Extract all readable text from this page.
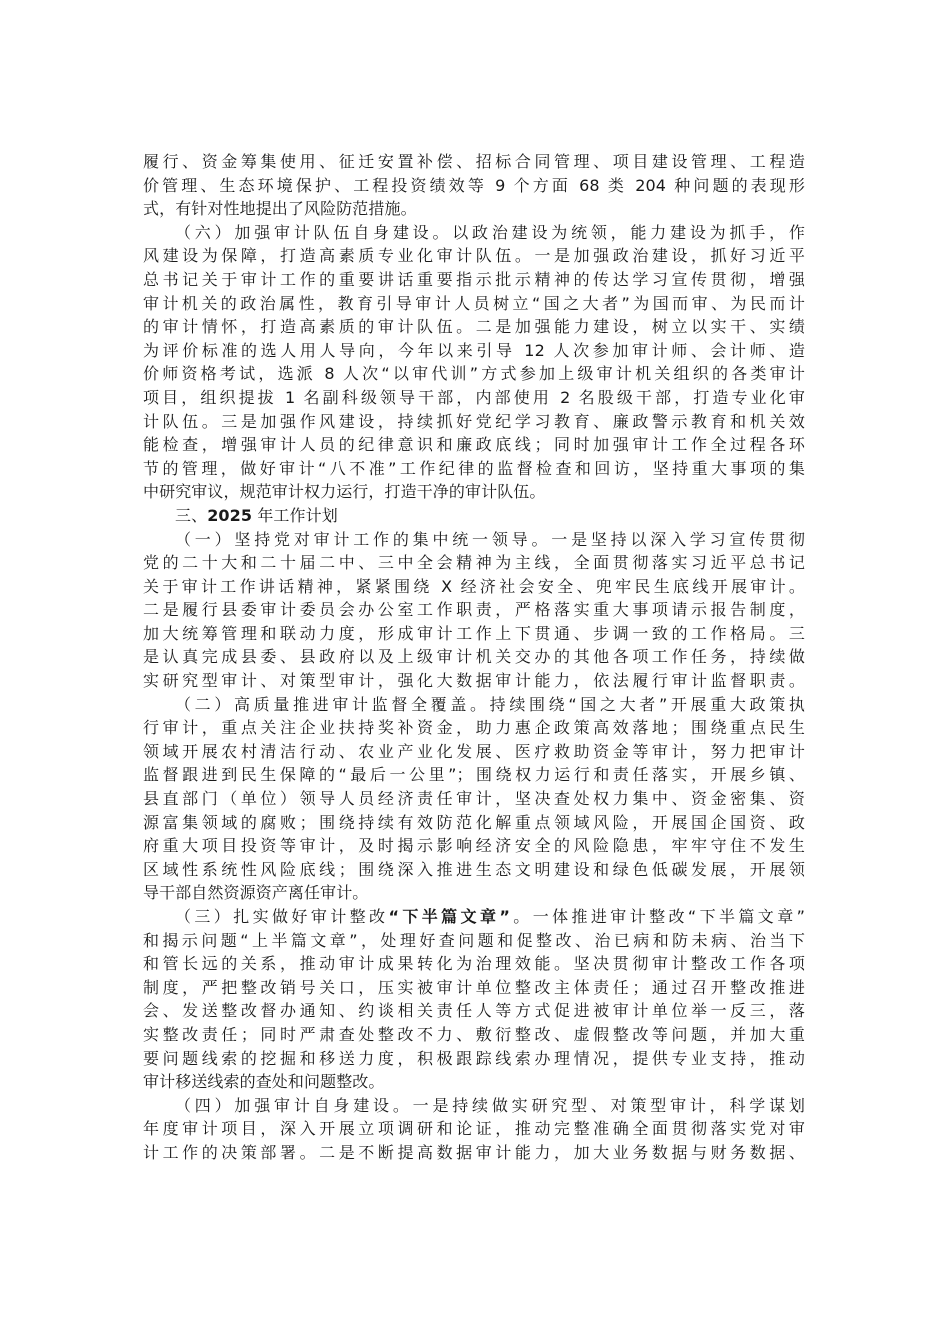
履行、资金筹集使用、征迁安置补偿、招标合同管理、项目建设管理、工程造
价管理、生态环境保护、工程投资绩效等 9 个方面 68 类 204 种问题的表现形
式，有针对性地提出了风险防范措施。
（六）加强审计队伍自身建设。以政治建设为统领，能力建设为抓手，作
风建设为保障，打造高素质专业化审计队伍。一是加强政治建设，抓好习近平
总书记关于审计工作的重要讲话重要指示批示精神的传达学习宣传贯彻，增强
审计机关的政治属性，教育引导审计人员树立“国之大者”为国而审、为民而计
的审计情怀，打造高素质的审计队伍。二是加强能力建设，树立以实干、实绩
为评价标准的选人用人导向，今年以来引导 12 人次参加审计师、会计师、造
价师资格考试，选派 8 人次“以审代训”方式参加上级审计机关组织的各类审计
项目，组织提拔 1 名副科级领导干部，内部使用 2 名股级干部，打造专业化审
计队伍。三是加强作风建设，持续抓好党纪学习教育、廉政警示教育和机关效
能检查，增强审计人员的纪律意识和廉政底线；同时加强审计工作全过程各环
节的管理，做好审计“八不准”工作纪律的监督检查和回访，坚持重大事项的集
中研究审议，规范审计权力运行，打造干净的审计队伍。
三、2025 年工作计划
（一）坚持党对审计工作的集中统一领导。一是坚持以深入学习宣传贯彻
党的二十大和二十届二中、三中全会精神为主线，全面贯彻落实习近平总书记
关于审计工作讲话精神，紧紧围绕 X 经济社会安全、兜牢民生底线开展审计。
二是履行县委审计委员会办公室工作职责，严格落实重大事项请示报告制度，
加大统筹管理和联动力度，形成审计工作上下贯通、步调一致的工作格局。三
是认真完成县委、县政府以及上级审计机关交办的其他各项工作任务，持续做
实研究型审计、对策型审计，强化大数据审计能力，依法履行审计监督职责。
（二）高质量推进审计监督全覆盖。持续围绕“国之大者”开展重大政策执
行审计，重点关注企业扶持奖补资金，助力惠企政策高效落地；围绕重点民生
领域开展农村清洁行动、农业产业化发展、医疗救助资金等审计，努力把审计
监督跟进到民生保障的“最后一公里”；围绕权力运行和责任落实，开展乡镇、
县直部门（单位）领导人员经济责任审计，坚决查处权力集中、资金密集、资
源富集领域的腐败；围绕持续有效防范化解重点领域风险，开展国企国资、政
府重大项目投资等审计，及时揭示影响经济安全的风险隐患，牢牢守住不发生
区域性系统性风险底线；围绕深入推进生态文明建设和绿色低碳发展，开展领
导干部自然资源资产离任审计。
（三）扎实做好审计整改“下半篇文章”。一体推进审计整改“下半篇文章”
和揭示问题“上半篇文章”，处理好查问题和促整改、治已病和防未病、治当下
和管长远的关系，推动审计成果转化为治理效能。坚决贯彻审计整改工作各项
制度，严把整改销号关口，压实被审计单位整改主体责任；通过召开整改推进
会、发送整改督办通知、约谈相关责任人等方式促进被审计单位举一反三，落
实整改责任；同时严肃查处整改不力、敷衍整改、虚假整改等问题，并加大重
要问题线索的挖掘和移送力度，积极跟踪线索办理情况，提供专业支持，推动
审计移送线索的查处和问题整改。
（四）加强审计自身建设。一是持续做实研究型、对策型审计，科学谋划
年度审计项目，深入开展立项调研和论证，推动完整准确全面贯彻落实党对审
计工作的决策部署。二是不断提高数据审计能力，加大业务数据与财务数据、
